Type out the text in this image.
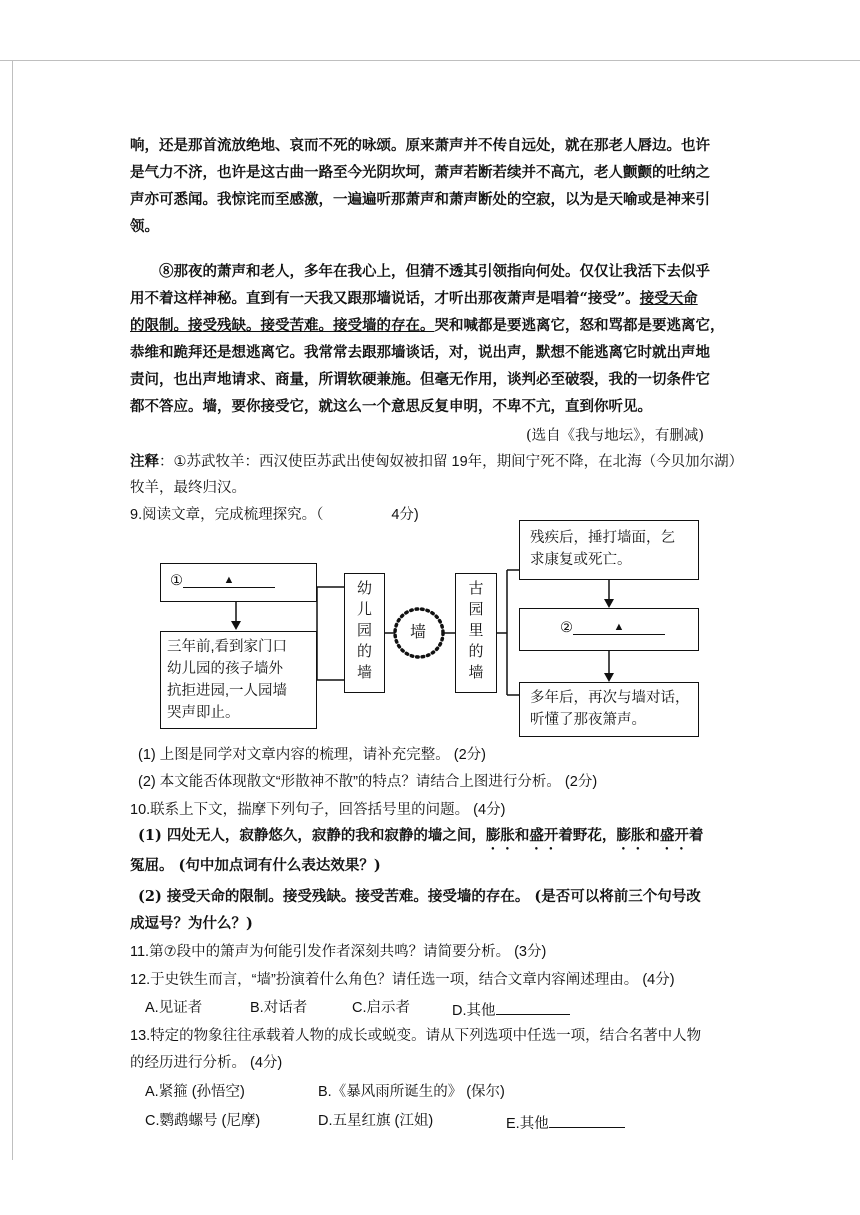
响，还是那首流放绝地、哀而不死的咏颂。原来萧声并不传自远处，就在那老人唇边。也许
是气力不济，也许是这古曲一路至今光阴坎坷，萧声若断若续并不高亢，老人颤颤的吐纳之
声亦可悉闻。我惊诧而至感激，一遍遍听那萧声和萧声断处的空寂，以为是天喻或是神来引
领。
⑧那夜的萧声和老人，多年在我心上，但猜不透其引领指向何处。仅仅让我活下去似乎
用不着这样神秘。直到有一天我又跟那墙说话，才听出那夜萧声是唱着“接受”。接受天命
的限制。接受残缺。接受苦难。接受墙的存在。哭和喊都是要逃离它，怒和骂都是要逃离它，
恭维和跪拜还是想逃离它。我常常去跟那墙谈话，对，说出声，默想不能逃离它时就出声地
责问，也出声地请求、商量，所谓软硬兼施。但毫无作用，谈判必至破裂，我的一切条件它
都不答应。墙，要你接受它，就这么一个意思反复申明，不卑不亢，直到你听见。
(选自《我与地坛》，有删减)
注释：①苏武牧羊：西汉使臣苏武出使匈奴被扣留 19年，期间宁死不降，在北海（今贝加尔湖）
牧羊，最终归汉。
9.阅读文章，完成梳理探究。（	4分)
①	▲
三年前,看到家门口
幼儿园的孩子墙外
抗拒进园,一人园墙
哭声即止。
幼
儿
园
的
墙
墙
古
园
里
的
墙
残疾后，捶打墙面，乞
求康复或死亡。
②	▲
多年后，再次与墙对话，
听懂了那夜箫声。
(1) 上图是同学对文章内容的梳理，请补充完整。 (2分)
(2) 本文能否体现散文“形散神不散”的特点？请结合上图进行分析。 (2分)
10.联系上下文，揣摩下列句子，回答括号里的问题。 (4分)
(1) 四处无人，寂静悠久，寂静的我和寂静的墙之间，膨胀和盛开着野花，膨胀和盛开着
冤屈。 (句中加点词有什么表达效果？)
(2) 接受天命的限制。接受残缺。接受苦难。接受墙的存在。 (是否可以将前三个句号改
成逗号？为什么？)
11.第⑦段中的箫声为何能引发作者深刻共鸣？请简要分析。 (3分)
12.于史铁生而言，“墙”扮演着什么角色？请任选一项，结合文章内容阐述理由。 (4分)
A.见证者	B.对话者	C.启示者	D.其他
13.特定的物象往往承载着人物的成长或蜕变。请从下列选项中任选一项，结合名著中人物
的经历进行分析。 (4分)
A.紧箍 (孙悟空)	B.《暴风雨所诞生的》 (保尔)
C.鹦鹉螺号 (尼摩)	D.五星红旗 (江姐)	E.其他
